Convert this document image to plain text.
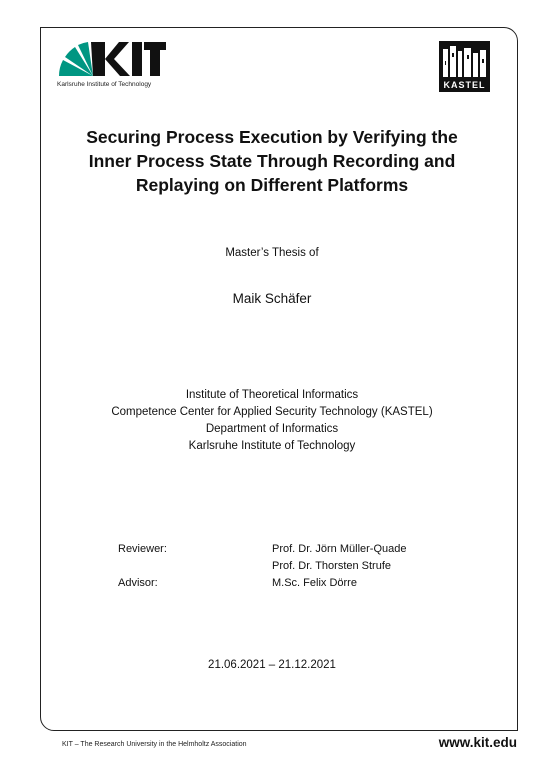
KIT
Karlsruhe Institute of Technology	KASTEL
Securing Process Execution by Verifying the
Inner Process State Through Recording and
Replaying on Different Platforms
Master’s Thesis of
Maik Schäfer
Institute of Theoretical Informatics
Competence Center for Applied Security Technology (KASTEL)
Department of Informatics
Karlsruhe Institute of Technology
Reviewer:	Prof. Dr. Jörn Müller-Quade
Prof. Dr. Thorsten Strufe
Advisor:	M.Sc. Felix Dörre
21.06.2021 – 21.12.2021
KIT – The Research University in the Helmholtz Association	www.kit.edu
